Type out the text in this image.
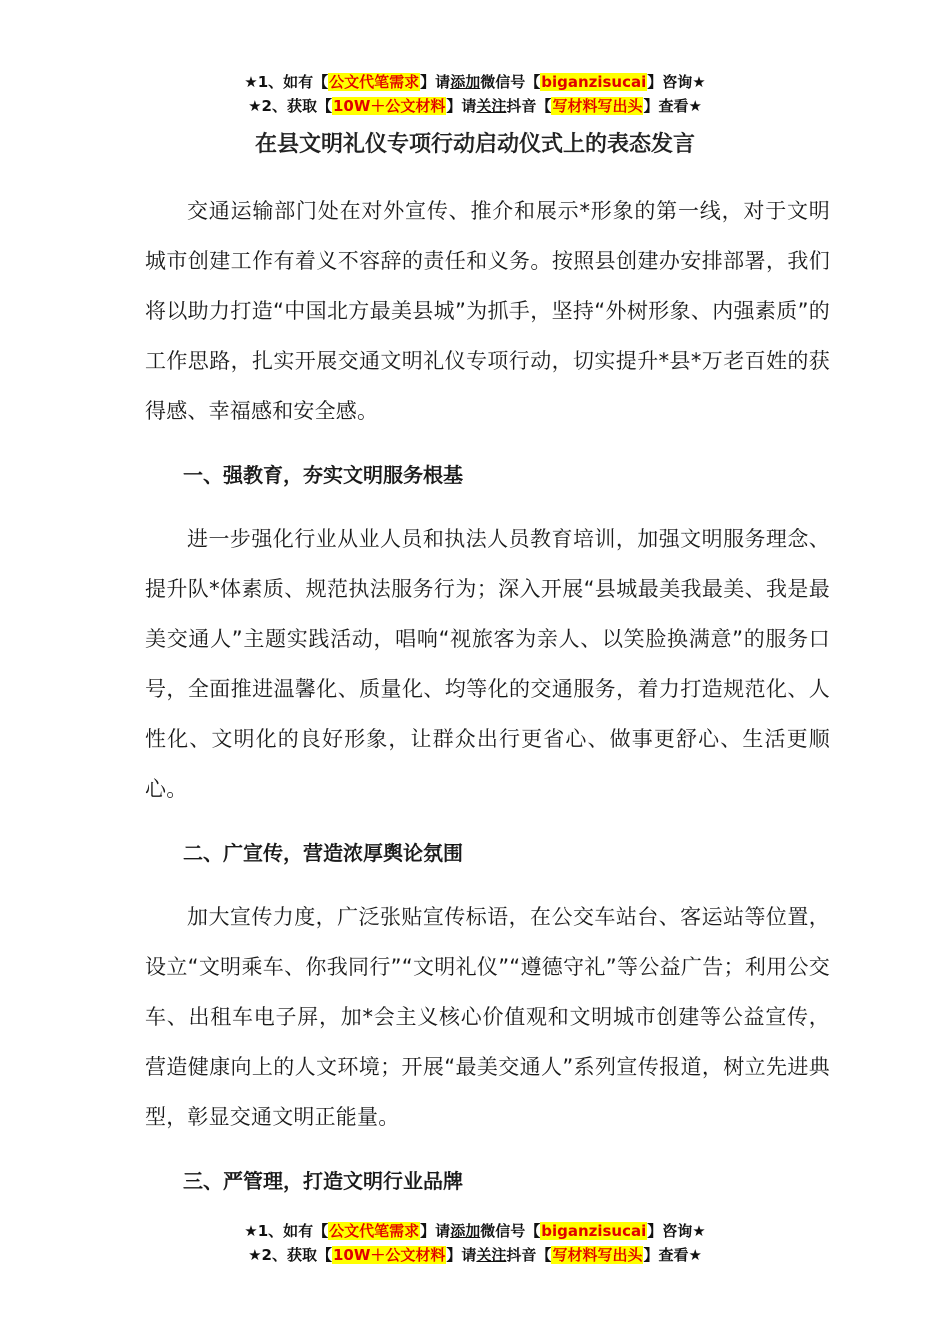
★1、如有【公文代笔需求】请添加微信号【biganzisucai】咨询★
★2、获取【10W＋公文材料】请关注抖音【写材料写出头】查看★
在县文明礼仪专项行动启动仪式上的表态发言

交通运输部门处在对外宣传、推介和展示*形象的第一线，对于文明城市创建工作有着义不容辞的责任和义务。按照县创建办安排部署，我们将以助力打造“中国北方最美县城”为抓手，坚持“外树形象、内强素质”的工作思路，扎实开展交通文明礼仪专项行动，切实提升*县*万老百姓的获得感、幸福感和安全感。

一、强教育，夯实文明服务根基

进一步强化行业从业人员和执法人员教育培训，加强文明服务理念、提升队*体素质、规范执法服务行为；深入开展“县城最美我最美、我是最美交通人”主题实践活动，唱响“视旅客为亲人、以笑脸换满意”的服务口号，全面推进温馨化、质量化、均等化的交通服务，着力打造规范化、人性化、文明化的良好形象，让群众出行更省心、做事更舒心、生活更顺心。

二、广宣传，营造浓厚舆论氛围

加大宣传力度，广泛张贴宣传标语，在公交车站台、客运站等位置，设立“文明乘车、你我同行”“文明礼仪”“遵德守礼”等公益广告；利用公交车、出租车电子屏，加*会主义核心价值观和文明城市创建等公益宣传，营造健康向上的人文环境；开展“最美交通人”系列宣传报道，树立先进典型，彰显交通文明正能量。

三、严管理，打造文明行业品牌
★1、如有【公文代笔需求】请添加微信号【biganzisucai】咨询★
★2、获取【10W＋公文材料】请关注抖音【写材料写出头】查看★
